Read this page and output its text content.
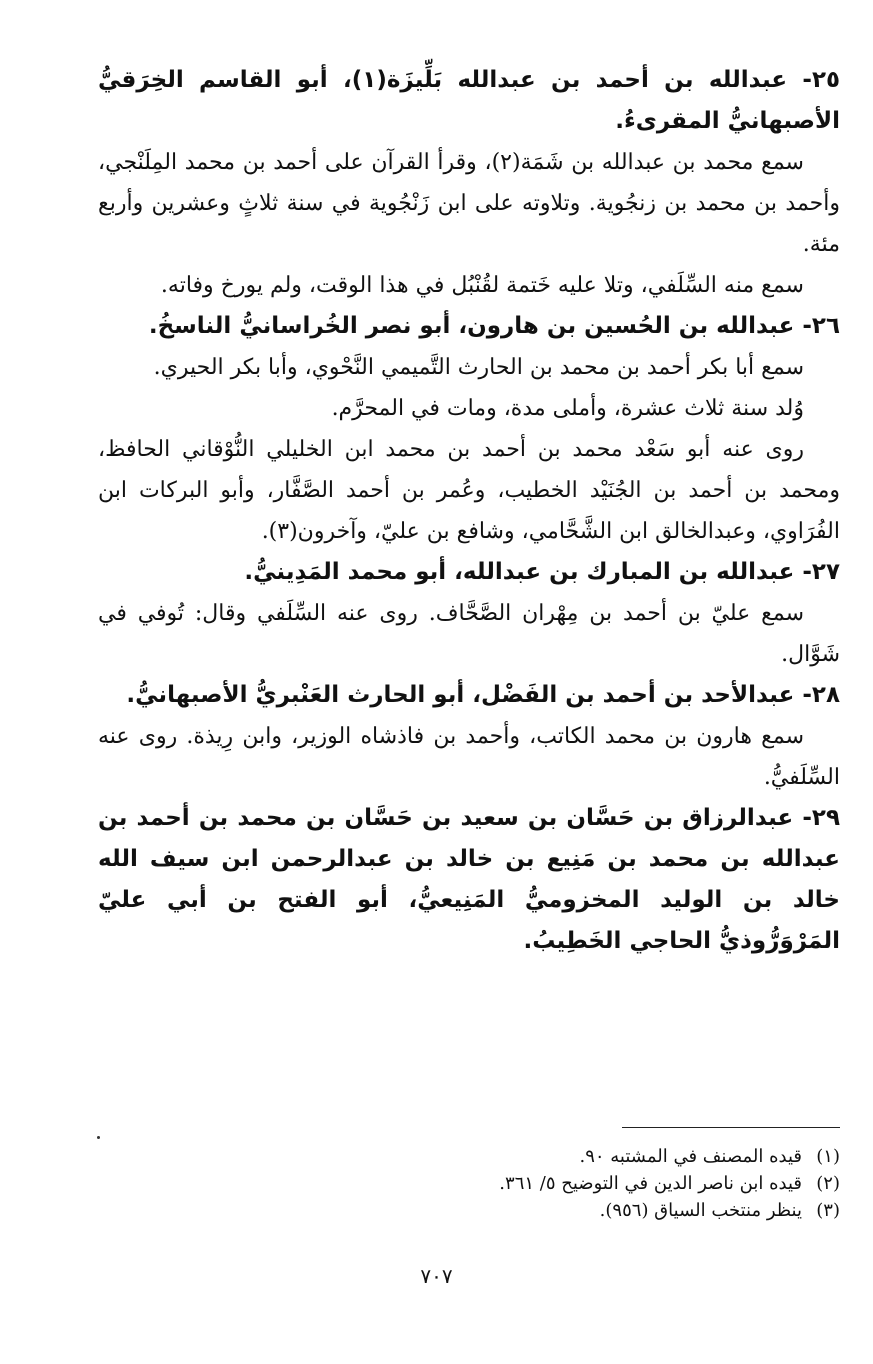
٢٥- عبدالله بن أحمد بن عبدالله بَلِّيزَة(١)، أبو القاسم الخِرَقيُّ الأصبهانيُّ المقرىءُ.

سمع محمد بن عبدالله بن شَمَة(٢)، وقرأ القرآن على أحمد بن محمد المِلَنْجي، وأحمد بن محمد بن زنجُوية. وتلاوته على ابن زَنْجُوية في سنة ثلاثٍ وعشرين وأربع مئة.

سمع منه السِّلَفي، وتلا عليه خَتمة لقُنْبُل في هذا الوقت، ولم يورخ وفاته.

٢٦- عبدالله بن الحُسين بن هارون، أبو نصر الخُراسانيُّ الناسخُ.

سمع أبا بكر أحمد بن محمد بن الحارث التَّميمي النَّحْوي، وأبا بكر الحيري.

وُلد سنة ثلاث عشرة، وأملى مدة، ومات في المحرَّم.

روى عنه أبو سَعْد محمد بن أحمد بن محمد ابن الخليلي النُّوْقاني الحافظ، ومحمد بن أحمد بن الجُنَيْد الخطيب، وعُمر بن أحمد الصَّفَّار، وأبو البركات ابن الفُرَاوي، وعبدالخالق ابن الشَّحَّامي، وشافع بن عليّ، وآخرون(٣).

٢٧- عبدالله بن المبارك بن عبدالله، أبو محمد المَدِينيُّ.

سمع عليّ بن أحمد بن مِهْران الصَّحَّاف. روى عنه السِّلَفي وقال: تُوفي في شَوَّال.

٢٨- عبدالأحد بن أحمد بن الفَضْل، أبو الحارث العَنْبريُّ الأصبهانيُّ.

سمع هارون بن محمد الكاتب، وأحمد بن فاذشاه الوزير، وابن رِيذة. روى عنه السِّلَفيُّ.

٢٩- عبدالرزاق بن حَسَّان بن سعيد بن حَسَّان بن محمد بن أحمد بن عبدالله بن محمد بن مَنِيع بن خالد بن عبدالرحمن ابن سيف الله خالد بن الوليد المخزوميُّ المَنِيعيُّ، أبو الفتح بن أبي عليّ المَرْوَرُّوذيُّ الحاجي الخَطِيبُ.

(١)قيده المصنف في المشتبه ٩٠.

(٢)قيده ابن ناصر الدين في التوضيح ٥/ ٣٦١.

(٣)ينظر منتخب السياق (٩٥٦).

٧٠٧
